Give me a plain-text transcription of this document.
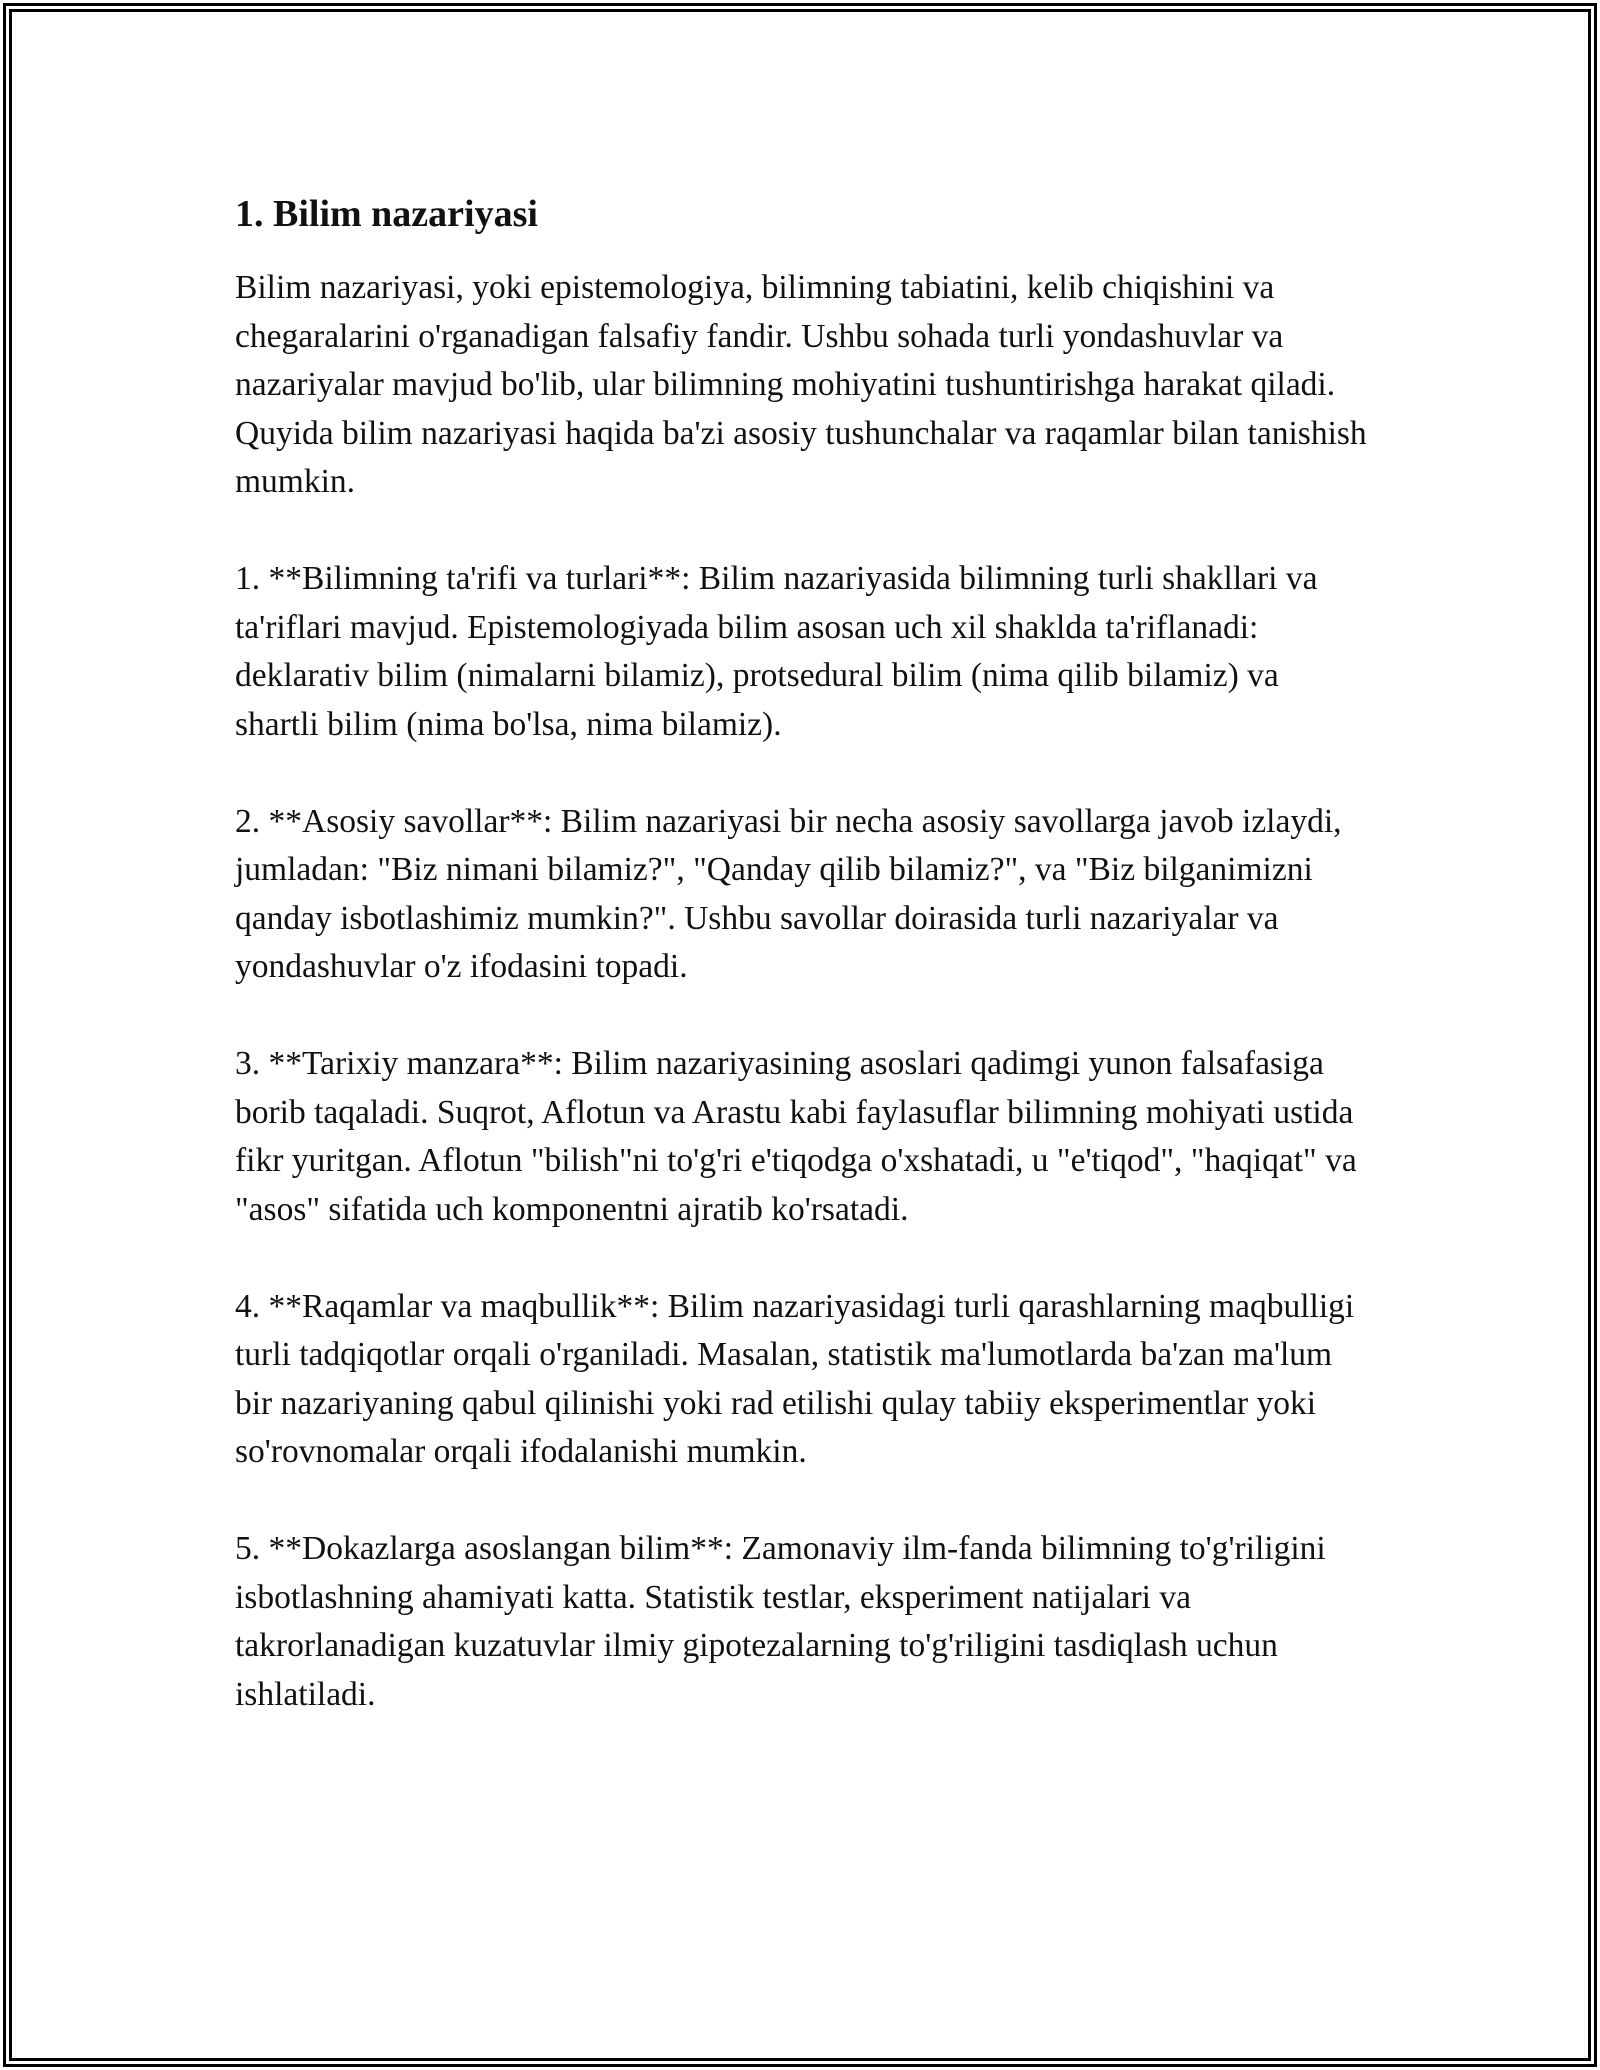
1. Bilim nazariyasi

Bilim nazariyasi, yoki epistemologiya, bilimning tabiatini, kelib chiqishini va chegaralarini o'rganadigan falsafiy fandir. Ushbu sohada turli yondashuvlar va nazariyalar mavjud bo'lib, ular bilimning mohiyatini tushuntirishga harakat qiladi. Quyida bilim nazariyasi haqida ba'zi asosiy tushunchalar va raqamlar bilan tanishish mumkin.

1. **Bilimning ta'rifi va turlari**: Bilim nazariyasida bilimning turli shakllari va ta'riflari mavjud. Epistemologiyada bilim asosan uch xil shaklda ta'riflanadi: deklarativ bilim (nimalarni bilamiz), protsedural bilim (nima qilib bilamiz) va shartli bilim (nima bo'lsa, nima bilamiz).

2. **Asosiy savollar**: Bilim nazariyasi bir necha asosiy savollarga javob izlaydi, jumladan: "Biz nimani bilamiz?", "Qanday qilib bilamiz?", va "Biz bilganimizni qanday isbotlashimiz mumkin?". Ushbu savollar doirasida turli nazariyalar va yondashuvlar o'z ifodasini topadi.

3. **Tarixiy manzara**: Bilim nazariyasining asoslari qadimgi yunon falsafasiga borib taqaladi. Suqrot, Aflotun va Arastu kabi faylasuflar bilimning mohiyati ustida fikr yuritgan. Aflotun "bilish"ni to'g'ri e'tiqodga o'xshatadi, u "e'tiqod", "haqiqat" va "asos" sifatida uch komponentni ajratib ko'rsatadi.

4. **Raqamlar va maqbullik**: Bilim nazariyasidagi turli qarashlarning maqbulligi turli tadqiqotlar orqali o'rganiladi. Masalan, statistik ma'lumotlarda ba'zan ma'lum bir nazariyaning qabul qilinishi yoki rad etilishi qulay tabiiy eksperimentlar yoki so'rovnomalar orqali ifodalanishi mumkin.

5. **Dokazlarga asoslangan bilim**: Zamonaviy ilm-fanda bilimning to'g'riligini isbotlashning ahamiyati katta. Statistik testlar, eksperiment natijalari va takrorlanadigan kuzatuvlar ilmiy gipotezalarning to'g'riligini tasdiqlash uchun ishlatiladi.
